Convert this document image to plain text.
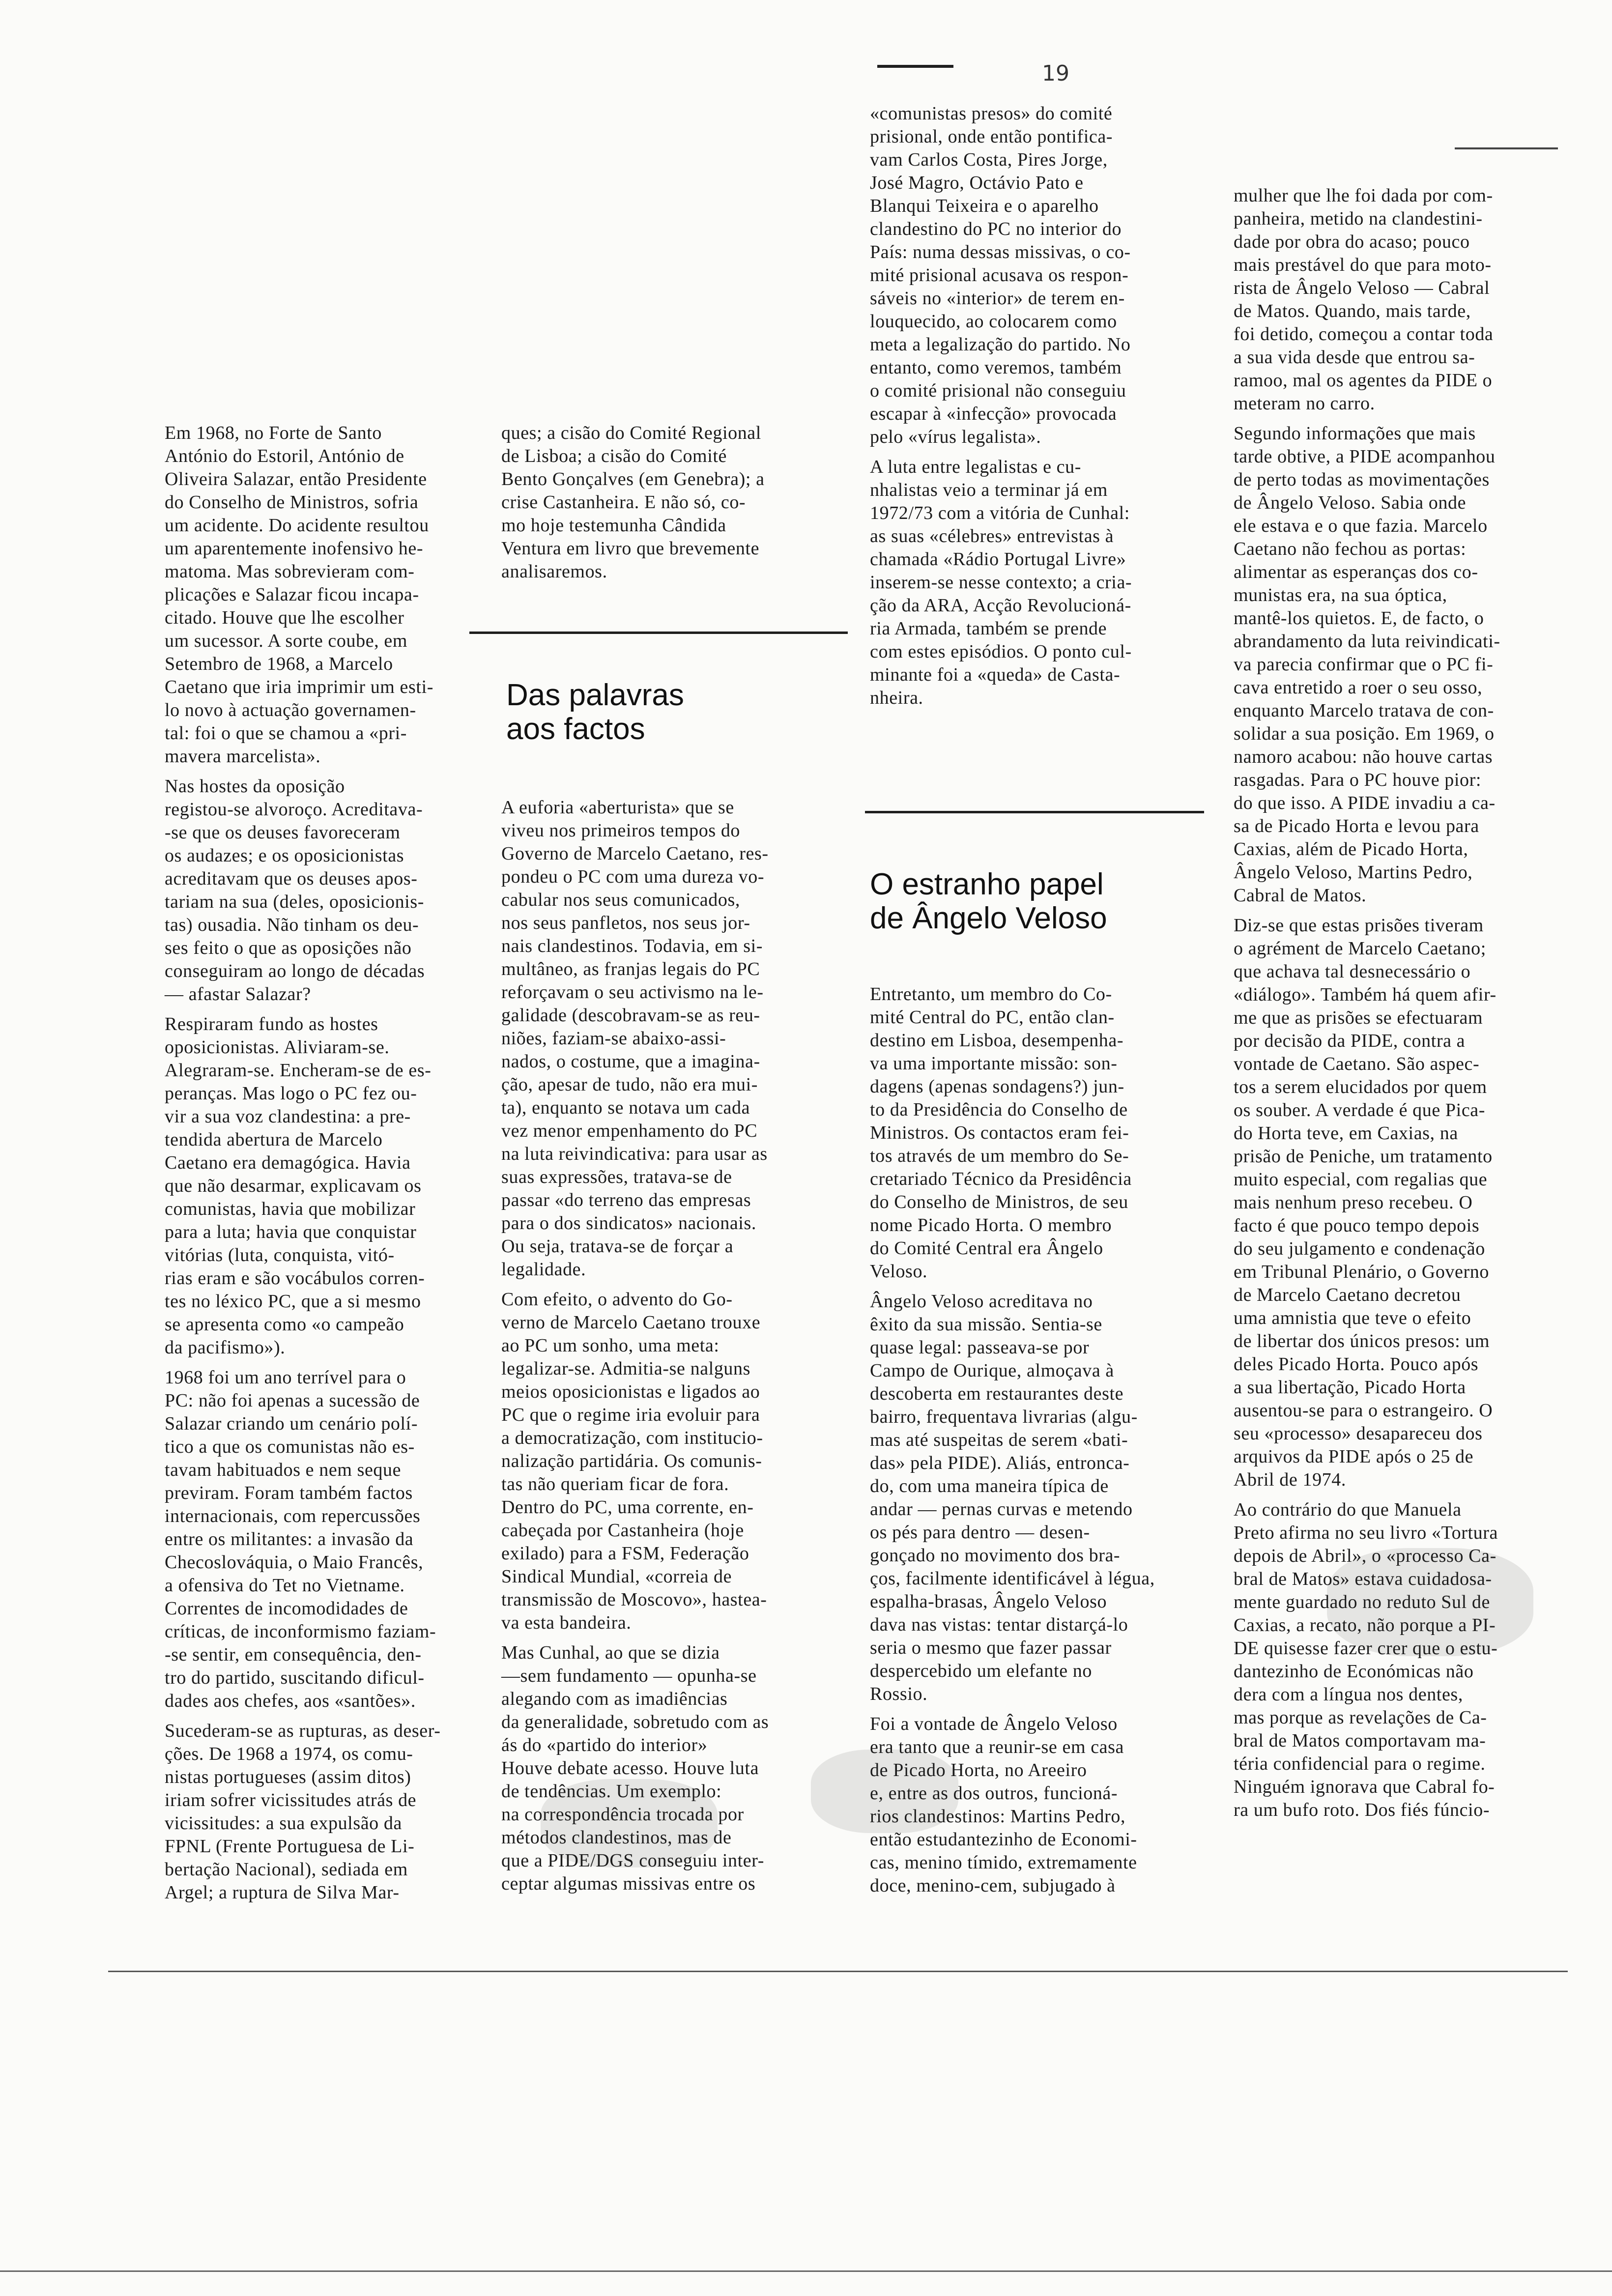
19

Em 1968, no Forte de Santo
António do Estoril, António de
Oliveira Salazar, então Presidente
do Conselho de Ministros, sofria
um acidente. Do acidente resultou
um aparentemente inofensivo he-
matoma. Mas sobrevieram com-
plicações e Salazar ficou incapa-
citado. Houve que lhe escolher
um sucessor. A sorte coube, em
Setembro de 1968, a Marcelo
Caetano que iria imprimir um esti-
lo novo à actuação governamen-
tal: foi o que se chamou a «pri-
mavera marcelista».

Nas hostes da oposição
registou-se alvoroço. Acreditava-
-se que os deuses favoreceram
os audazes; e os oposicionistas
acreditavam que os deuses apos-
tariam na sua (deles, oposicionis-
tas) ousadia. Não tinham os deu-
ses feito o que as oposições não
conseguiram ao longo de décadas
— afastar Salazar?

Respiraram fundo as hostes
oposicionistas. Aliviaram-se.
Alegraram-se. Encheram-se de es-
peranças. Mas logo o PC fez ou-
vir a sua voz clandestina: a pre-
tendida abertura de Marcelo
Caetano era demagógica. Havia
que não desarmar, explicavam os
comunistas, havia que mobilizar
para a luta; havia que conquistar
vitórias (luta, conquista, vitó-
rias eram e são vocábulos corren-
tes no léxico PC, que a si mesmo
se apresenta como «o campeão
da pacifismo»).

1968 foi um ano terrível para o
PC: não foi apenas a sucessão de
Salazar criando um cenário polí-
tico a que os comunistas não es-
tavam habituados e nem seque
previram. Foram também factos
internacionais, com repercussões
entre os militantes: a invasão da
Checoslováquia, o Maio Francês,
a ofensiva do Tet no Vietname.
Correntes de incomodidades de
críticas, de inconformismo faziam-
-se sentir, em consequência, den-
tro do partido, suscitando dificul-
dades aos chefes, aos «santões».

Sucederam-se as rupturas, as deser-
ções. De 1968 a 1974, os comu-
nistas portugueses (assim ditos)
iriam sofrer vicissitudes atrás de
vicissitudes: a sua expulsão da
FPNL (Frente Portuguesa de Li-
bertação Nacional), sediada em
Argel; a ruptura de Silva Mar-

ques; a cisão do Comité Regional
de Lisboa; a cisão do Comité
Bento Gonçalves (em Genebra); a
crise Castanheira. E não só, co-
mo hoje testemunha Cândida
Ventura em livro que brevemente
analisaremos.

Das palavras
aos factos

A euforia «aberturista» que se
viveu nos primeiros tempos do
Governo de Marcelo Caetano, res-
pondeu o PC com uma dureza vo-
cabular nos seus comunicados,
nos seus panfletos, nos seus jor-
nais clandestinos. Todavia, em si-
multâneo, as franjas legais do PC
reforçavam o seu activismo na le-
galidade (descobravam-se as reu-
niões, faziam-se abaixo-assi-
nados, o costume, que a imagina-
ção, apesar de tudo, não era mui-
ta), enquanto se notava um cada
vez menor empenhamento do PC
na luta reivindicativa: para usar as
suas expressões, tratava-se de
passar «do terreno das empresas
para o dos sindicatos» nacionais.
Ou seja, tratava-se de forçar a
legalidade.

Com efeito, o advento do Go-
verno de Marcelo Caetano trouxe
ao PC um sonho, uma meta:
legalizar-se. Admitia-se nalguns
meios oposicionistas e ligados ao
PC que o regime iria evoluir para
a democratização, com institucio-
nalização partidária. Os comunis-
tas não queriam ficar de fora.
Dentro do PC, uma corrente, en-
cabeçada por Castanheira (hoje
exilado) para a FSM, Federação
Sindical Mundial, «correia de
transmissão de Moscovo», hastea-
va esta bandeira.

Mas Cunhal, ao que se dizia
—sem fundamento — opunha-se
alegando com as imadiências
da generalidade, sobretudo com as
ás do «partido do interior»
Houve debate acesso. Houve luta
de tendências. Um exemplo:
na correspondência trocada por
métodos clandestinos, mas de
que a PIDE/DGS conseguiu inter-
ceptar algumas missivas entre os

«comunistas presos» do comité
prisional, onde então pontifica-
vam Carlos Costa, Pires Jorge,
José Magro, Octávio Pato e
Blanqui Teixeira e o aparelho
clandestino do PC no interior do
País: numa dessas missivas, o co-
mité prisional acusava os respon-
sáveis no «interior» de terem en-
louquecido, ao colocarem como
meta a legalização do partido. No
entanto, como veremos, também
o comité prisional não conseguiu
escapar à «infecção» provocada
pelo «vírus legalista».

A luta entre legalistas e cu-
nhalistas veio a terminar já em
1972/73 com a vitória de Cunhal:
as suas «célebres» entrevistas à
chamada «Rádio Portugal Livre»
inserem-se nesse contexto; a cria-
ção da ARA, Acção Revolucioná-
ria Armada, também se prende
com estes episódios. O ponto cul-
minante foi a «queda» de Casta-
nheira.

O estranho papel
de Ângelo Veloso

Entretanto, um membro do Co-
mité Central do PC, então clan-
destino em Lisboa, desempenha-
va uma importante missão: son-
dagens (apenas sondagens?) jun-
to da Presidência do Conselho de
Ministros. Os contactos eram fei-
tos através de um membro do Se-
cretariado Técnico da Presidência
do Conselho de Ministros, de seu
nome Picado Horta. O membro
do Comité Central era Ângelo
Veloso.

Ângelo Veloso acreditava no
êxito da sua missão. Sentia-se
quase legal: passeava-se por
Campo de Ourique, almoçava à
descoberta em restaurantes deste
bairro, frequentava livrarias (algu-
mas até suspeitas de serem «bati-
das» pela PIDE). Aliás, entronca-
do, com uma maneira típica de
andar — pernas curvas e metendo
os pés para dentro — desen-
gonçado no movimento dos bra-
ços, facilmente identificável à légua,
espalha-brasas, Ângelo Veloso
dava nas vistas: tentar distarçá-lo
seria o mesmo que fazer passar
despercebido um elefante no
Rossio.

Foi a vontade de Ângelo Veloso
era tanto que a reunir-se em casa
de Picado Horta, no Areeiro
e, entre as dos outros, funcioná-
rios clandestinos: Martins Pedro,
então estudantezinho de Economi-
cas, menino tímido, extremamente
doce, menino-cem, subjugado à

mulher que lhe foi dada por com-
panheira, metido na clandestini-
dade por obra do acaso; pouco
mais prestável do que para moto-
rista de Ângelo Veloso — Cabral
de Matos. Quando, mais tarde,
foi detido, começou a contar toda
a sua vida desde que entrou sa-
ramoo, mal os agentes da PIDE o
meteram no carro.

Segundo informações que mais
tarde obtive, a PIDE acompanhou
de perto todas as movimentações
de Ângelo Veloso. Sabia onde
ele estava e o que fazia. Marcelo
Caetano não fechou as portas:
alimentar as esperanças dos co-
munistas era, na sua óptica,
mantê-los quietos. E, de facto, o
abrandamento da luta reivindicati-
va parecia confirmar que o PC fi-
cava entretido a roer o seu osso,
enquanto Marcelo tratava de con-
solidar a sua posição. Em 1969, o
namoro acabou: não houve cartas
rasgadas. Para o PC houve pior:
do que isso. A PIDE invadiu a ca-
sa de Picado Horta e levou para
Caxias, além de Picado Horta,
Ângelo Veloso, Martins Pedro,
Cabral de Matos.

Diz-se que estas prisões tiveram
o agrément de Marcelo Caetano;
que achava tal desnecessário o
«diálogo». Também há quem afir-
me que as prisões se efectuaram
por decisão da PIDE, contra a
vontade de Caetano. São aspec-
tos a serem elucidados por quem
os souber. A verdade é que Pica-
do Horta teve, em Caxias, na
prisão de Peniche, um tratamento
muito especial, com regalias que
mais nenhum preso recebeu. O
facto é que pouco tempo depois
do seu julgamento e condenação
em Tribunal Plenário, o Governo
de Marcelo Caetano decretou
uma amnistia que teve o efeito
de libertar dos únicos presos: um
deles Picado Horta. Pouco após
a sua libertação, Picado Horta
ausentou-se para o estrangeiro. O
seu «processo» desapareceu dos
arquivos da PIDE após o 25 de
Abril de 1974.

Ao contrário do que Manuela
Preto afirma no seu livro «Tortura
depois de Abril», o «processo Ca-
bral de Matos» estava cuidadosa-
mente guardado no reduto Sul de
Caxias, a recato, não porque a PI-
DE quisesse fazer crer que o estu-
dantezinho de Económicas não
dera com a língua nos dentes,
mas porque as revelações de Ca-
bral de Matos comportavam ma-
téria confidencial para o regime.
Ninguém ignorava que Cabral fo-
ra um bufo roto. Dos fiés fúncio-
